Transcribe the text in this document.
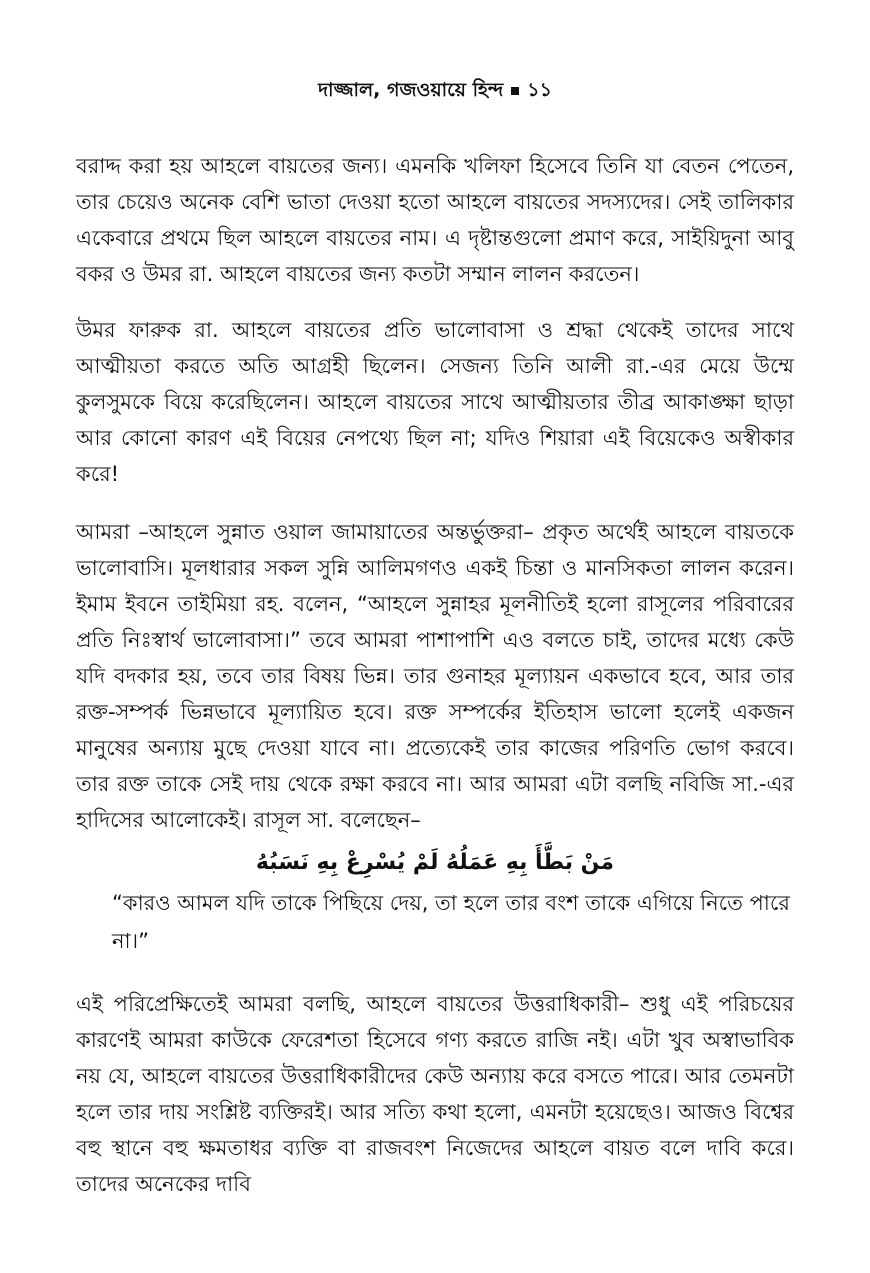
দাজ্জাল, গজওয়ায়ে হিন্দ ১১

বরাদ্দ করা হয় আহলে বায়তের জন্য। এমনকি খলিফা হিসেবে তিনি যা বেতন পেতেন, তার চেয়েও অনেক বেশি ভাতা দেওয়া হতো আহলে বায়তের সদস্যদের। সেই তালিকার একেবারে প্রথমে ছিল আহলে বায়তের নাম। এ দৃষ্টান্তগুলো প্রমাণ করে, সাইয়িদুনা আবু বকর ও উমর রা. আহলে বায়তের জন্য কতটা সম্মান লালন করতেন।

উমর ফারুক রা. আহলে বায়তের প্রতি ভালোবাসা ও শ্রদ্ধা থেকেই তাদের সাথে আত্মীয়তা করতে অতি আগ্রহী ছিলেন। সেজন্য তিনি আলী রা.-এর মেয়ে উম্মে কুলসুমকে বিয়ে করেছিলেন। আহলে বায়তের সাথে আত্মীয়তার তীব্র আকাঙ্ক্ষা ছাড়া আর কোনো কারণ এই বিয়ের নেপথ্যে ছিল না; যদিও শিয়ারা এই বিয়েকেও অস্বীকার করে!

আমরা –আহলে সুন্নাত ওয়াল জামায়াতের অন্তর্ভুক্তরা– প্রকৃত অর্থেই আহলে বায়তকে ভালোবাসি। মূলধারার সকল সুন্নি আলিমগণও একই চিন্তা ও মানসিকতা লালন করেন। ইমাম ইবনে তাইমিয়া রহ. বলেন, “আহলে সুন্নাহর মূলনীতিই হলো রাসূলের পরিবারের প্রতি নিঃস্বার্থ ভালোবাসা।” তবে আমরা পাশাপাশি এও বলতে চাই, তাদের মধ্যে কেউ যদি বদকার হয়, তবে তার বিষয় ভিন্ন। তার গুনাহর মূল্যায়ন একভাবে হবে, আর তার রক্ত-সম্পর্ক ভিন্নভাবে মূল্যায়িত হবে। রক্ত সম্পর্কের ইতিহাস ভালো হলেই একজন মানুষের অন্যায় মুছে দেওয়া যাবে না। প্রত্যেকেই তার কাজের পরিণতি ভোগ করবে। তার রক্ত তাকে সেই দায় থেকে রক্ষা করবে না। আর আমরা এটা বলছি নবিজি সা.-এর হাদিসের আলোকেই। রাসূল সা. বলেছেন–

مَنْ بَطَّأَ بِهِ عَمَلُهُ لَمْ يُسْرِعْ بِهِ نَسَبُهُ
“কারও আমল যদি তাকে পিছিয়ে দেয়, তা হলে তার বংশ তাকে এগিয়ে নিতে পারে না।”

এই পরিপ্রেক্ষিতেই আমরা বলছি, আহলে বায়তের উত্তরাধিকারী– শুধু এই পরিচয়ের কারণেই আমরা কাউকে ফেরেশতা হিসেবে গণ্য করতে রাজি নই। এটা খুব অস্বাভাবিক নয় যে, আহলে বায়তের উত্তরাধিকারীদের কেউ অন্যায় করে বসতে পারে। আর তেমনটা হলে তার দায় সংশ্লিষ্ট ব্যক্তিরই। আর সত্যি কথা হলো, এমনটা হয়েছেও। আজও বিশ্বের বহু স্থানে বহু ক্ষমতাধর ব্যক্তি বা রাজবংশ নিজেদের আহলে বায়ত বলে দাবি করে। তাদের অনেকের দাবি
